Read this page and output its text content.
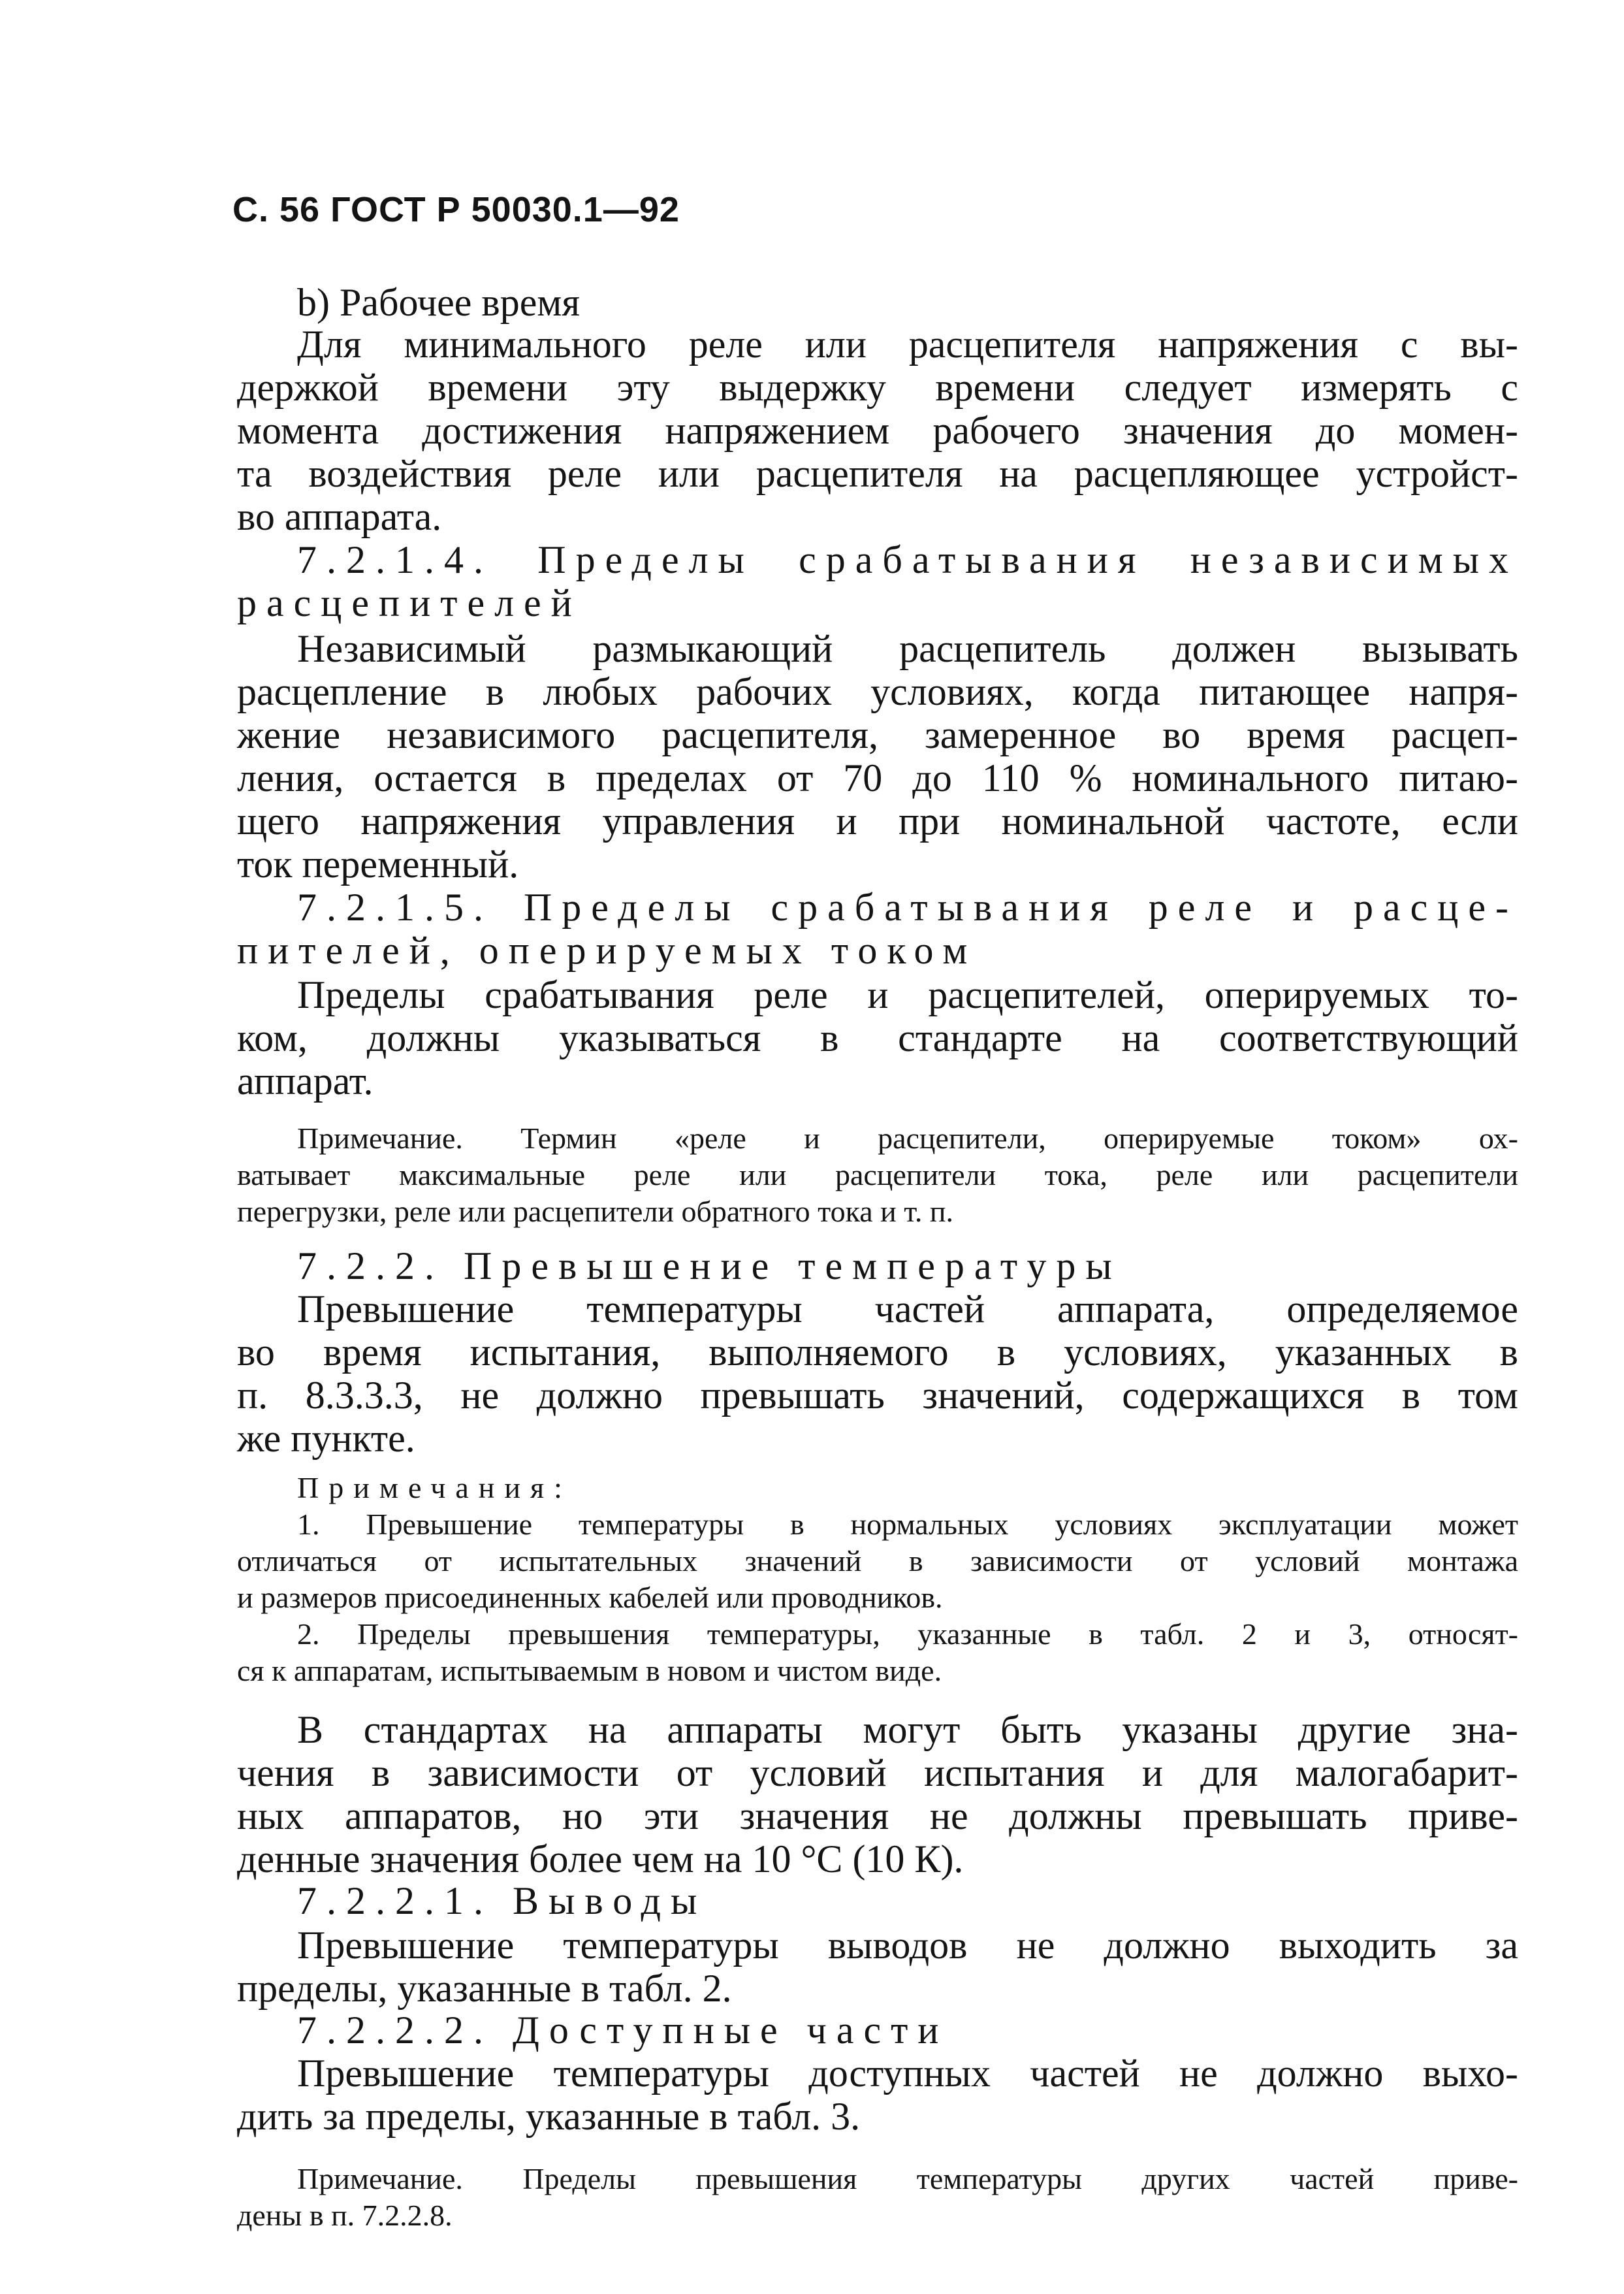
С. 56 ГОСТ Р 50030.1—92
b) Рабочее время
Для минимального реле или расцепителя напряжения с вы-
держкой времени эту выдержку времени следует измерять с
момента достижения напряжением рабочего значения до момен-
та воздействия реле или расцепителя на расцепляющее устройст-
во аппарата.
7.2.1.4. Пределы срабатывания независимых
расцепителей
Независимый размыкающий расцепитель должен вызывать
расцепление в любых рабочих условиях, когда питающее напря-
жение независимого расцепителя, замеренное во время расцеп-
ления, остается в пределах от 70 до 110 % номинального питаю-
щего напряжения управления и при номинальной частоте, если
ток переменный.
7.2.1.5. Пределы срабатывания реле и расце-
пителей, оперируемых током
Пределы срабатывания реле и расцепителей, оперируемых то-
ком, должны указываться в стандарте на соответствующий
аппарат.
Примечание. Термин «реле и расцепители, оперируемые током» ох-
ватывает максимальные реле или расцепители тока, реле или расцепители
перегрузки, реле или расцепители обратного тока и т. п.
7.2.2. Превышение температуры
Превышение температуры частей аппарата, определяемое
во время испытания, выполняемого в условиях, указанных в
п. 8.3.3.3, не должно превышать значений, содержащихся в том
же пункте.
Примечания:
1. Превышение температуры в нормальных условиях эксплуатации может
отличаться от испытательных значений в зависимости от условий монтажа
и размеров присоединенных кабелей или проводников.
2. Пределы превышения температуры, указанные в табл. 2 и 3, относят-
ся к аппаратам, испытываемым в новом и чистом виде.
В стандартах на аппараты могут быть указаны другие зна-
чения в зависимости от условий испытания и для малогабарит-
ных аппаратов, но эти значения не должны превышать приве-
денные значения более чем на 10 °С (10 К).
7.2.2.1. Выводы
Превышение температуры выводов не должно выходить за
пределы, указанные в табл. 2.
7.2.2.2. Доступные части
Превышение температуры доступных частей не должно выхо-
дить за пределы, указанные в табл. 3.
Примечание. Пределы превышения температуры других частей приве-
дены в п. 7.2.2.8.
